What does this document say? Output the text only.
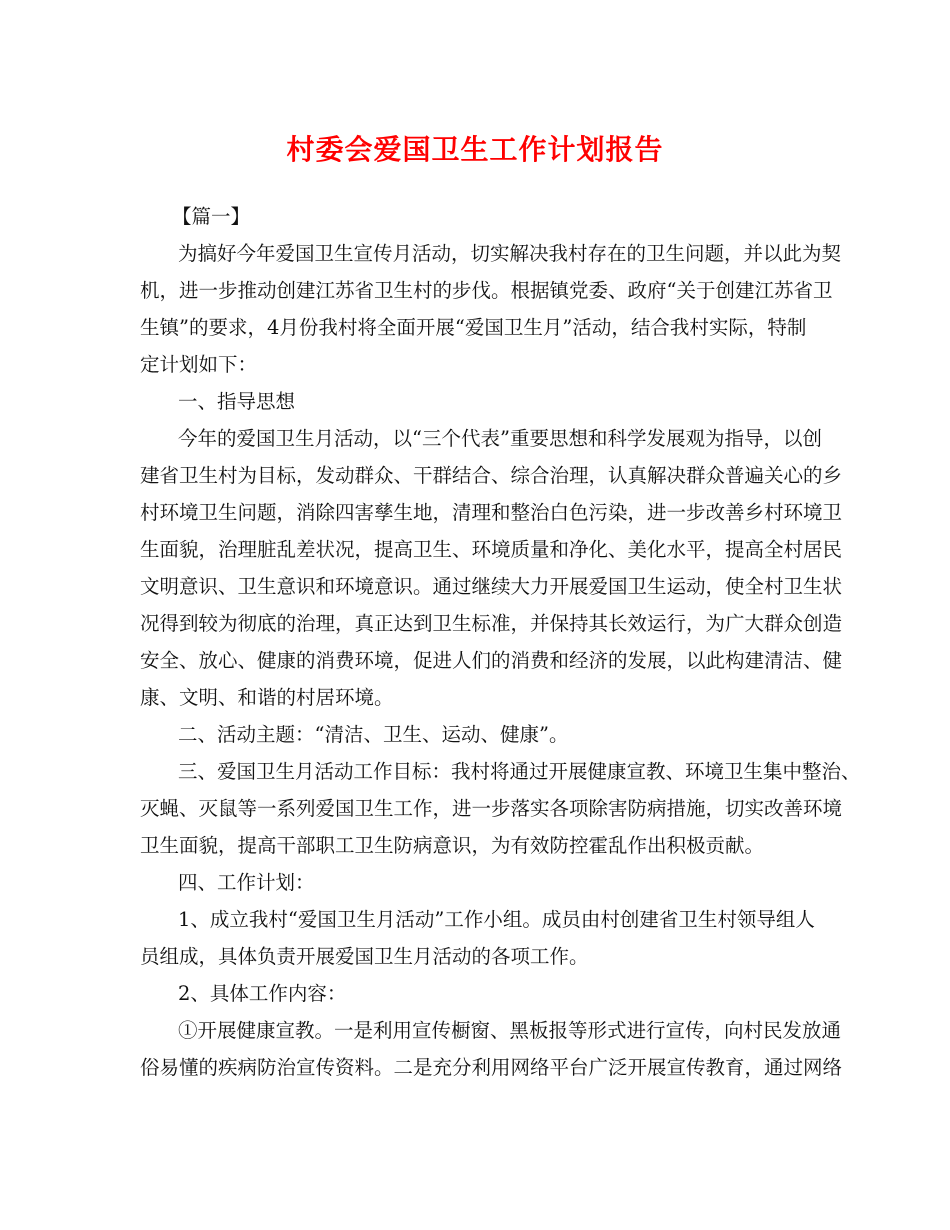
村委会爱国卫生工作计划报告

【篇一】

为搞好今年爱国卫生宣传月活动，切实解决我村存在的卫生问题，并以此为契

机，进一步推动创建江苏省卫生村的步伐。根据镇党委、政府“关于创建江苏省卫

生镇”的要求，4月份我村将全面开展“爱国卫生月”活动，结合我村实际，特制

定计划如下：

一、指导思想

今年的爱国卫生月活动，以“三个代表”重要思想和科学发展观为指导，以创

建省卫生村为目标，发动群众、干群结合、综合治理，认真解决群众普遍关心的乡

村环境卫生问题，消除四害孳生地，清理和整治白色污染，进一步改善乡村环境卫

生面貌，治理脏乱差状况，提高卫生、环境质量和净化、美化水平，提高全村居民

文明意识、卫生意识和环境意识。通过继续大力开展爱国卫生运动，使全村卫生状

况得到较为彻底的治理，真正达到卫生标准，并保持其长效运行，为广大群众创造

安全、放心、健康的消费环境，促进人们的消费和经济的发展，以此构建清洁、健

康、文明、和谐的村居环境。

二、活动主题：“清洁、卫生、运动、健康”。

三、爱国卫生月活动工作目标：我村将通过开展健康宣教、环境卫生集中整治、

灭蝇、灭鼠等一系列爱国卫生工作，进一步落实各项除害防病措施，切实改善环境

卫生面貌，提高干部职工卫生防病意识，为有效防控霍乱作出积极贡献。

四、工作计划：

1、成立我村“爱国卫生月活动”工作小组。成员由村创建省卫生村领导组人

员组成，具体负责开展爱国卫生月活动的各项工作。

2、具体工作内容：

①开展健康宣教。一是利用宣传橱窗、黑板报等形式进行宣传，向村民发放通

俗易懂的疾病防治宣传资料。二是充分利用网络平台广泛开展宣传教育，通过网络
